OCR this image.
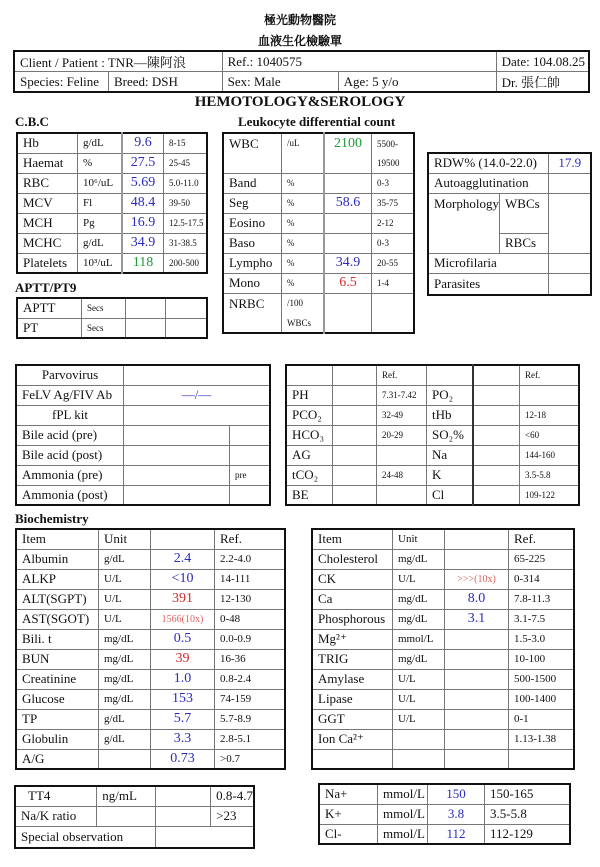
極光動物醫院
血液生化檢驗單
Client / Patient : TNR—陳阿浪		Ref.: 1040575		Date: 104.08.25
Species: Feline	Breed: DSH	Sex: Male	Age: 5 y/o	Dr. 張仁帥
HEMOTOLOGY&SEROLOGY
C.B.C
Hb	g/dL	9.6	8-15
Haemat	%	27.5	25-45
RBC	10⁶/uL	5.69	5.0-11.0
MCV	Fl	48.4	39-50
MCH	Pg	16.9	12.5-17.5
MCHC	g/dL	34.9	31-38.5
Platelets	10³/uL	118	200-500
APTT/PT9
APTT	Secs		
PT	Secs		
Leukocyte differential count
WBC	/uL	2100	5500-
			19500
Band	%		0-3
Seg	%	58.6	35-75
Eosino	%		2-12
Baso	%		0-3
Lympho	%	34.9	20-55
Mono	%	6.5	1-4
NRBC	/100		
	WBCs		
RDW% (14.0-22.0)		17.9
Autoagglutination		
Morphology	WBCs	
	RBCs	
Microfilaria		
Parasites		
Parvovirus		
FeLV Ag/FIV Ab	—/—	
fPL kit		
Bile acid (pre)		
Bile acid (post)		
Ammonia (pre)		pre
Ammonia (post)		
		Ref.			Ref.
PH		7.31-7.42	PO₂		
PCO₂		32-49	tHb		12-18
HCO₃		20-29	SO₂%		<60
AG			Na		144-160
tCO₂		24-48	K		3.5-5.8
BE			Cl		109-122
Biochemistry
Item	Unit		Ref.
Albumin	g/dL	2.4	2.2-4.0
ALKP	U/L	<10	14-111
ALT(SGPT)	U/L	391	12-130
AST(SGOT)	U/L	1566(10x)	0-48
Bili. t	mg/dL	0.5	0.0-0.9
BUN	mg/dL	39	16-36
Creatinine	mg/dL	1.0	0.8-2.4
Glucose	mg/dL	153	74-159
TP	g/dL	5.7	5.7-8.9
Globulin	g/dL	3.3	2.8-5.1
A/G		0.73	>0.7
Item	Unit		Ref.
Cholesterol	mg/dL		65-225
CK	U/L	>>>(10x)	0-314
Ca	mg/dL	8.0	7.8-11.3
Phosphorous	mg/dL	3.1	3.1-7.5
Mg²⁺	mmol/L		1.5-3.0
TRIG	mg/dL		10-100
Amylase	U/L		500-1500
Lipase	U/L		100-1400
GGT	U/L		0-1
Ion Ca²⁺			1.13-1.38

TT4	ng/mL		0.8-4.7
Na/K ratio			>23
Special observation			
Na+	mmol/L	150	150-165
K+	mmol/L	3.8	3.5-5.8
Cl-	mmol/L	112	112-129
